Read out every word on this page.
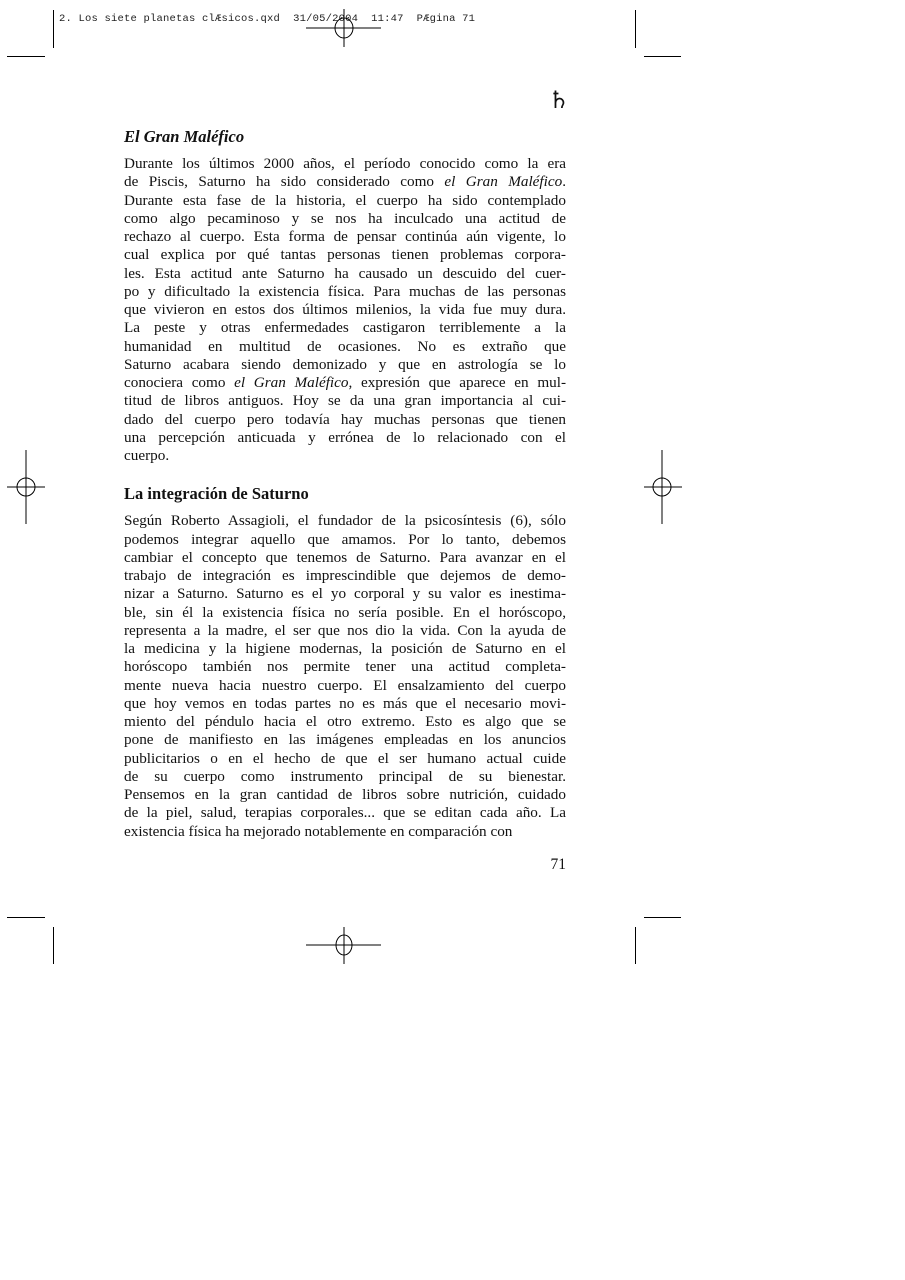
2. Los siete planetas clÆsicos.qxd 31/05/2004 11:47 PÆgina 71
♄
El Gran Maléfico

Durante los últimos 2000 años, el período conocido como la era
de Piscis, Saturno ha sido considerado como el Gran Maléfico.
Durante esta fase de la historia, el cuerpo ha sido contemplado
como algo pecaminoso y se nos ha inculcado una actitud de
rechazo al cuerpo. Esta forma de pensar continúa aún vigente, lo
cual explica por qué tantas personas tienen problemas corpora-
les. Esta actitud ante Saturno ha causado un descuido del cuer-
po y dificultado la existencia física. Para muchas de las personas
que vivieron en estos dos últimos milenios, la vida fue muy dura.
La peste y otras enfermedades castigaron terriblemente a la
humanidad en multitud de ocasiones. No es extraño que
Saturno acabara siendo demonizado y que en astrología se lo
conociera como el Gran Maléfico, expresión que aparece en mul-
titud de libros antiguos. Hoy se da una gran importancia al cui-
dado del cuerpo pero todavía hay muchas personas que tienen
una percepción anticuada y errónea de lo relacionado con el
cuerpo.

La integración de Saturno

Según Roberto Assagioli, el fundador de la psicosíntesis (6), sólo
podemos integrar aquello que amamos. Por lo tanto, debemos
cambiar el concepto que tenemos de Saturno. Para avanzar en el
trabajo de integración es imprescindible que dejemos de demo-
nizar a Saturno. Saturno es el yo corporal y su valor es inestima-
ble, sin él la existencia física no sería posible. En el horóscopo,
representa a la madre, el ser que nos dio la vida. Con la ayuda de
la medicina y la higiene modernas, la posición de Saturno en el
horóscopo también nos permite tener una actitud completa-
mente nueva hacia nuestro cuerpo. El ensalzamiento del cuerpo
que hoy vemos en todas partes no es más que el necesario movi-
miento del péndulo hacia el otro extremo. Esto es algo que se
pone de manifiesto en las imágenes empleadas en los anuncios
publicitarios o en el hecho de que el ser humano actual cuide
de su cuerpo como instrumento principal de su bienestar.
Pensemos en la gran cantidad de libros sobre nutrición, cuidado
de la piel, salud, terapias corporales... que se editan cada año. La
existencia física ha mejorado notablemente en comparación con

71
